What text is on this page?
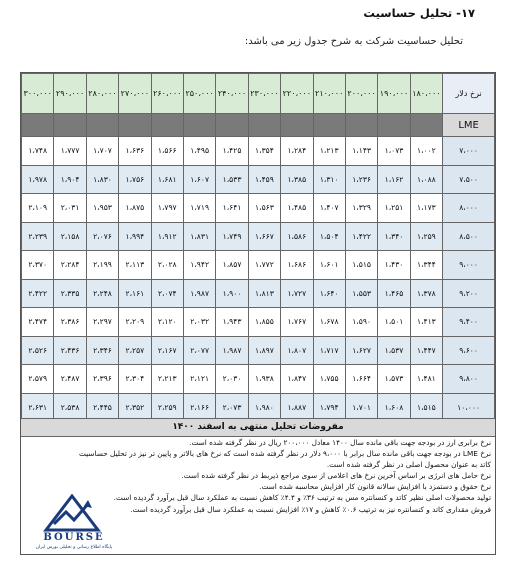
۱۷- تحلیل حساسیت
تحلیل حساسیت شرکت به شرح جدول زیر می باشد:
نرخ دلار	۱۸۰،۰۰۰	۱۹۰،۰۰۰	۲۰۰،۰۰۰	۲۱۰،۰۰۰	۲۲۰،۰۰۰	۲۳۰،۰۰۰	۲۴۰،۰۰۰	۲۵۰،۰۰۰	۲۶۰،۰۰۰	۲۷۰،۰۰۰	۲۸۰،۰۰۰	۲۹۰،۰۰۰	۳۰۰،۰۰۰
LME													
۷،۰۰۰	۱،۰۰۲	۱،۰۷۳	۱،۱۴۳	۱،۲۱۳	۱،۲۸۴	۱،۳۵۴	۱،۴۲۵	۱،۴۹۵	۱،۵۶۶	۱،۶۳۶	۱،۷۰۷	۱،۷۷۷	۱،۷۴۸
۷،۵۰۰	۱،۰۸۸	۱،۱۶۲	۱،۲۳۶	۱،۳۱۰	۱،۳۸۵	۱،۴۵۹	۱،۵۳۳	۱،۶۰۷	۱،۶۸۱	۱،۷۵۶	۱،۸۳۰	۱،۹۰۴	۱،۹۷۸
۸،۰۰۰	۱،۱۷۳	۱،۲۵۱	۱،۳۲۹	۱،۴۰۷	۱،۴۸۵	۱،۵۶۳	۱،۶۴۱	۱،۷۱۹	۱،۷۹۷	۱،۸۷۵	۱،۹۵۳	۲،۰۳۱	۲،۱۰۹
۸،۵۰۰	۱،۲۵۹	۱،۳۴۰	۱،۴۲۲	۱،۵۰۴	۱،۵۸۶	۱،۶۶۷	۱،۷۴۹	۱،۸۳۱	۱،۹۱۲	۱،۹۹۴	۲،۰۷۶	۲،۱۵۸	۲،۲۳۹
۹،۰۰۰	۱،۳۴۴	۱،۴۳۰	۱،۵۱۵	۱،۶۰۱	۱،۶۸۶	۱،۷۷۲	۱،۸۵۷	۱،۹۴۲	۲،۰۲۸	۲،۱۱۳	۲،۱۹۹	۲،۲۸۴	۲،۳۷۰
۹،۲۰۰	۱،۳۷۸	۱،۴۶۵	۱،۵۵۳	۱،۶۴۰	۱،۷۲۷	۱،۸۱۳	۱،۹۰۰	۱،۹۸۷	۲،۰۷۴	۲،۱۶۱	۲،۲۴۸	۲،۳۳۵	۲،۴۲۲
۹،۴۰۰	۱،۴۱۳	۱،۵۰۱	۱،۵۹۰	۱،۶۷۸	۱،۷۶۷	۱،۸۵۵	۱،۹۴۳	۲،۰۳۲	۲،۱۲۰	۲،۲۰۹	۲،۲۹۷	۲،۳۸۶	۲،۴۷۴
۹،۶۰۰	۱،۴۴۷	۱،۵۳۷	۱،۶۲۷	۱،۷۱۷	۱،۸۰۷	۱،۸۹۷	۱،۹۸۷	۲،۰۷۷	۲،۱۶۷	۲،۲۵۷	۲،۳۴۶	۲،۴۳۶	۲،۵۲۶
۹،۸۰۰	۱،۴۸۱	۱،۵۷۳	۱،۶۶۴	۱،۷۵۵	۱،۸۴۷	۱،۹۳۸	۲،۰۳۰	۲،۱۲۱	۲،۲۱۳	۲،۳۰۴	۲،۳۹۶	۲،۴۸۷	۲،۵۷۹
۱۰،۰۰۰	۱،۵۱۵	۱،۶۰۸	۱،۷۰۱	۱،۷۹۴	۱،۸۸۷	۱،۹۸۰	۲،۰۷۳	۲،۱۶۶	۲،۲۵۹	۲،۳۵۲	۲،۴۴۵	۲،۵۳۸	۲،۶۳۱
مفروضات تحلیل منتهی به اسفند ۱۴۰۰
نرخ برابری ارز در بودجه جهت باقی مانده سال ۱۴۰۰ معادل ۲۰۰،۰۰۰ ریال در نظر گرفته شده است.
نرخ LME در بودجه جهت باقی مانده سال برابر با ۹،۰۰۰ دلار در نظر گرفته شده است که نرخ های بالاتر و پایین تر نیز در تحلیل حساسیت
کاتد به عنوان محصول اصلی در نظر گرفته شده است.
نرخ حامل های انرژی بر اساس آخرین نرخ های اعلامی از سوی مراجع ذیربط در نظر گرفته شده است.
نرخ حقوق و دستمزد با افزایش سالانه قانون کار افزایش محاسبه شده است.
تولید محصولات اصلی نظیر کاتد و کنسانتره مس به ترتیب ۳۶٪ و ۴.۴٪ کاهش نسبت به عملکرد سال قبل برآورد گردیده است.
فروش مقداری کاتد و کنسانتره نیز به ترتیب ۰.۶٪ کاهش و ۱۷٪ افزایش نسبت به عملکرد سال قبل برآورد گردیده است.
BOURSE
پایگاه اطلاع رسانی و تحلیلی بورس ایران
